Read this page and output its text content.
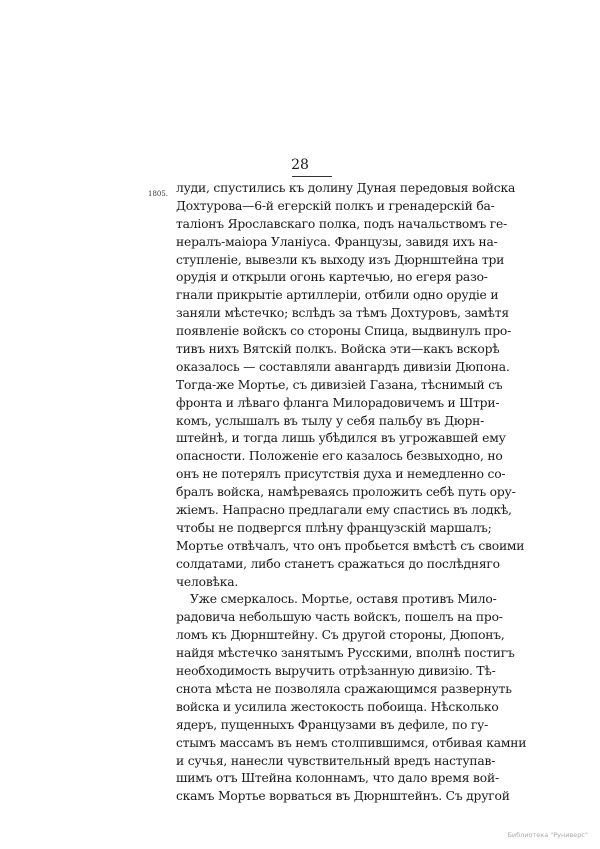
28
1805. луди, спустились къ долину Дуная передовыя войска
Дохтурова—6-й егерскій полкъ и гренадерскій ба-
таліонъ Ярославскаго полка, подъ начальствомъ ге-
нералъ-маіора Уланіуса. Французы, завидя ихъ на-
ступленіе, вывезли къ выходу изъ Дюрнштейна три
орудія и открыли огонь картечью, но егеря разо-
гнали прикрытіе артиллеріи, отбили одно орудіе и
заняли мѣстечко; вслѣдъ за тѣмъ Дохтуровъ, замѣтя
появленіе войскъ со стороны Спица, выдвинулъ про-
тивъ нихъ Вятскій полкъ. Войска эти—какъ вскорѣ
оказалось — составляли авангардъ дивизіи Дюпона.
Тогда-же Мортье, съ дивизіей Газана, тѣснимый съ
фронта и лѣваго фланга Милорадовичемъ и Штри-
комъ, услышалъ въ тылу у себя пальбу въ Дюрн-
штейнѣ, и тогда лишь убѣдился въ угрожавшей ему
опасности. Положеніе его казалось безвыходно, но
онъ не потерялъ присутствія духа и немедленно со-
бралъ войска, намѣреваясь проложить себѣ путь ору-
жіемъ. Напрасно предлагали ему спастись въ лодкѣ,
чтобы не подвергся плѣну французскій маршалъ;
Мортье отвѣчалъ, что онъ пробьется вмѣстѣ съ своими
солдатами, либо станетъ сражаться до послѣдняго
человѣка.
Уже смеркалось. Мортье, оставя противъ Мило-
радовича небольшую часть войскъ, пошелъ на про-
ломъ къ Дюрнштейну. Съ другой стороны, Дюпонъ,
найдя мѣстечко занятымъ Русскими, вполнѣ постигъ
необходимость выручить отрѣзанную дивизію. Тѣ-
снота мѣста не позволяла сражающимся развернуть
войска и усилила жестокость побоища. Нѣсколько
ядеръ, пущенныхъ Французами въ дефиле, по гу-
стымъ массамъ въ немъ столпившимся, отбивая камни
и сучья, нанесли чувствительный вредъ наступав-
шимъ отъ Штейна колоннамъ, что дало время вой-
скамъ Мортье ворваться въ Дюрнштейнъ. Съ другой
Библиотека "Руниверс"
